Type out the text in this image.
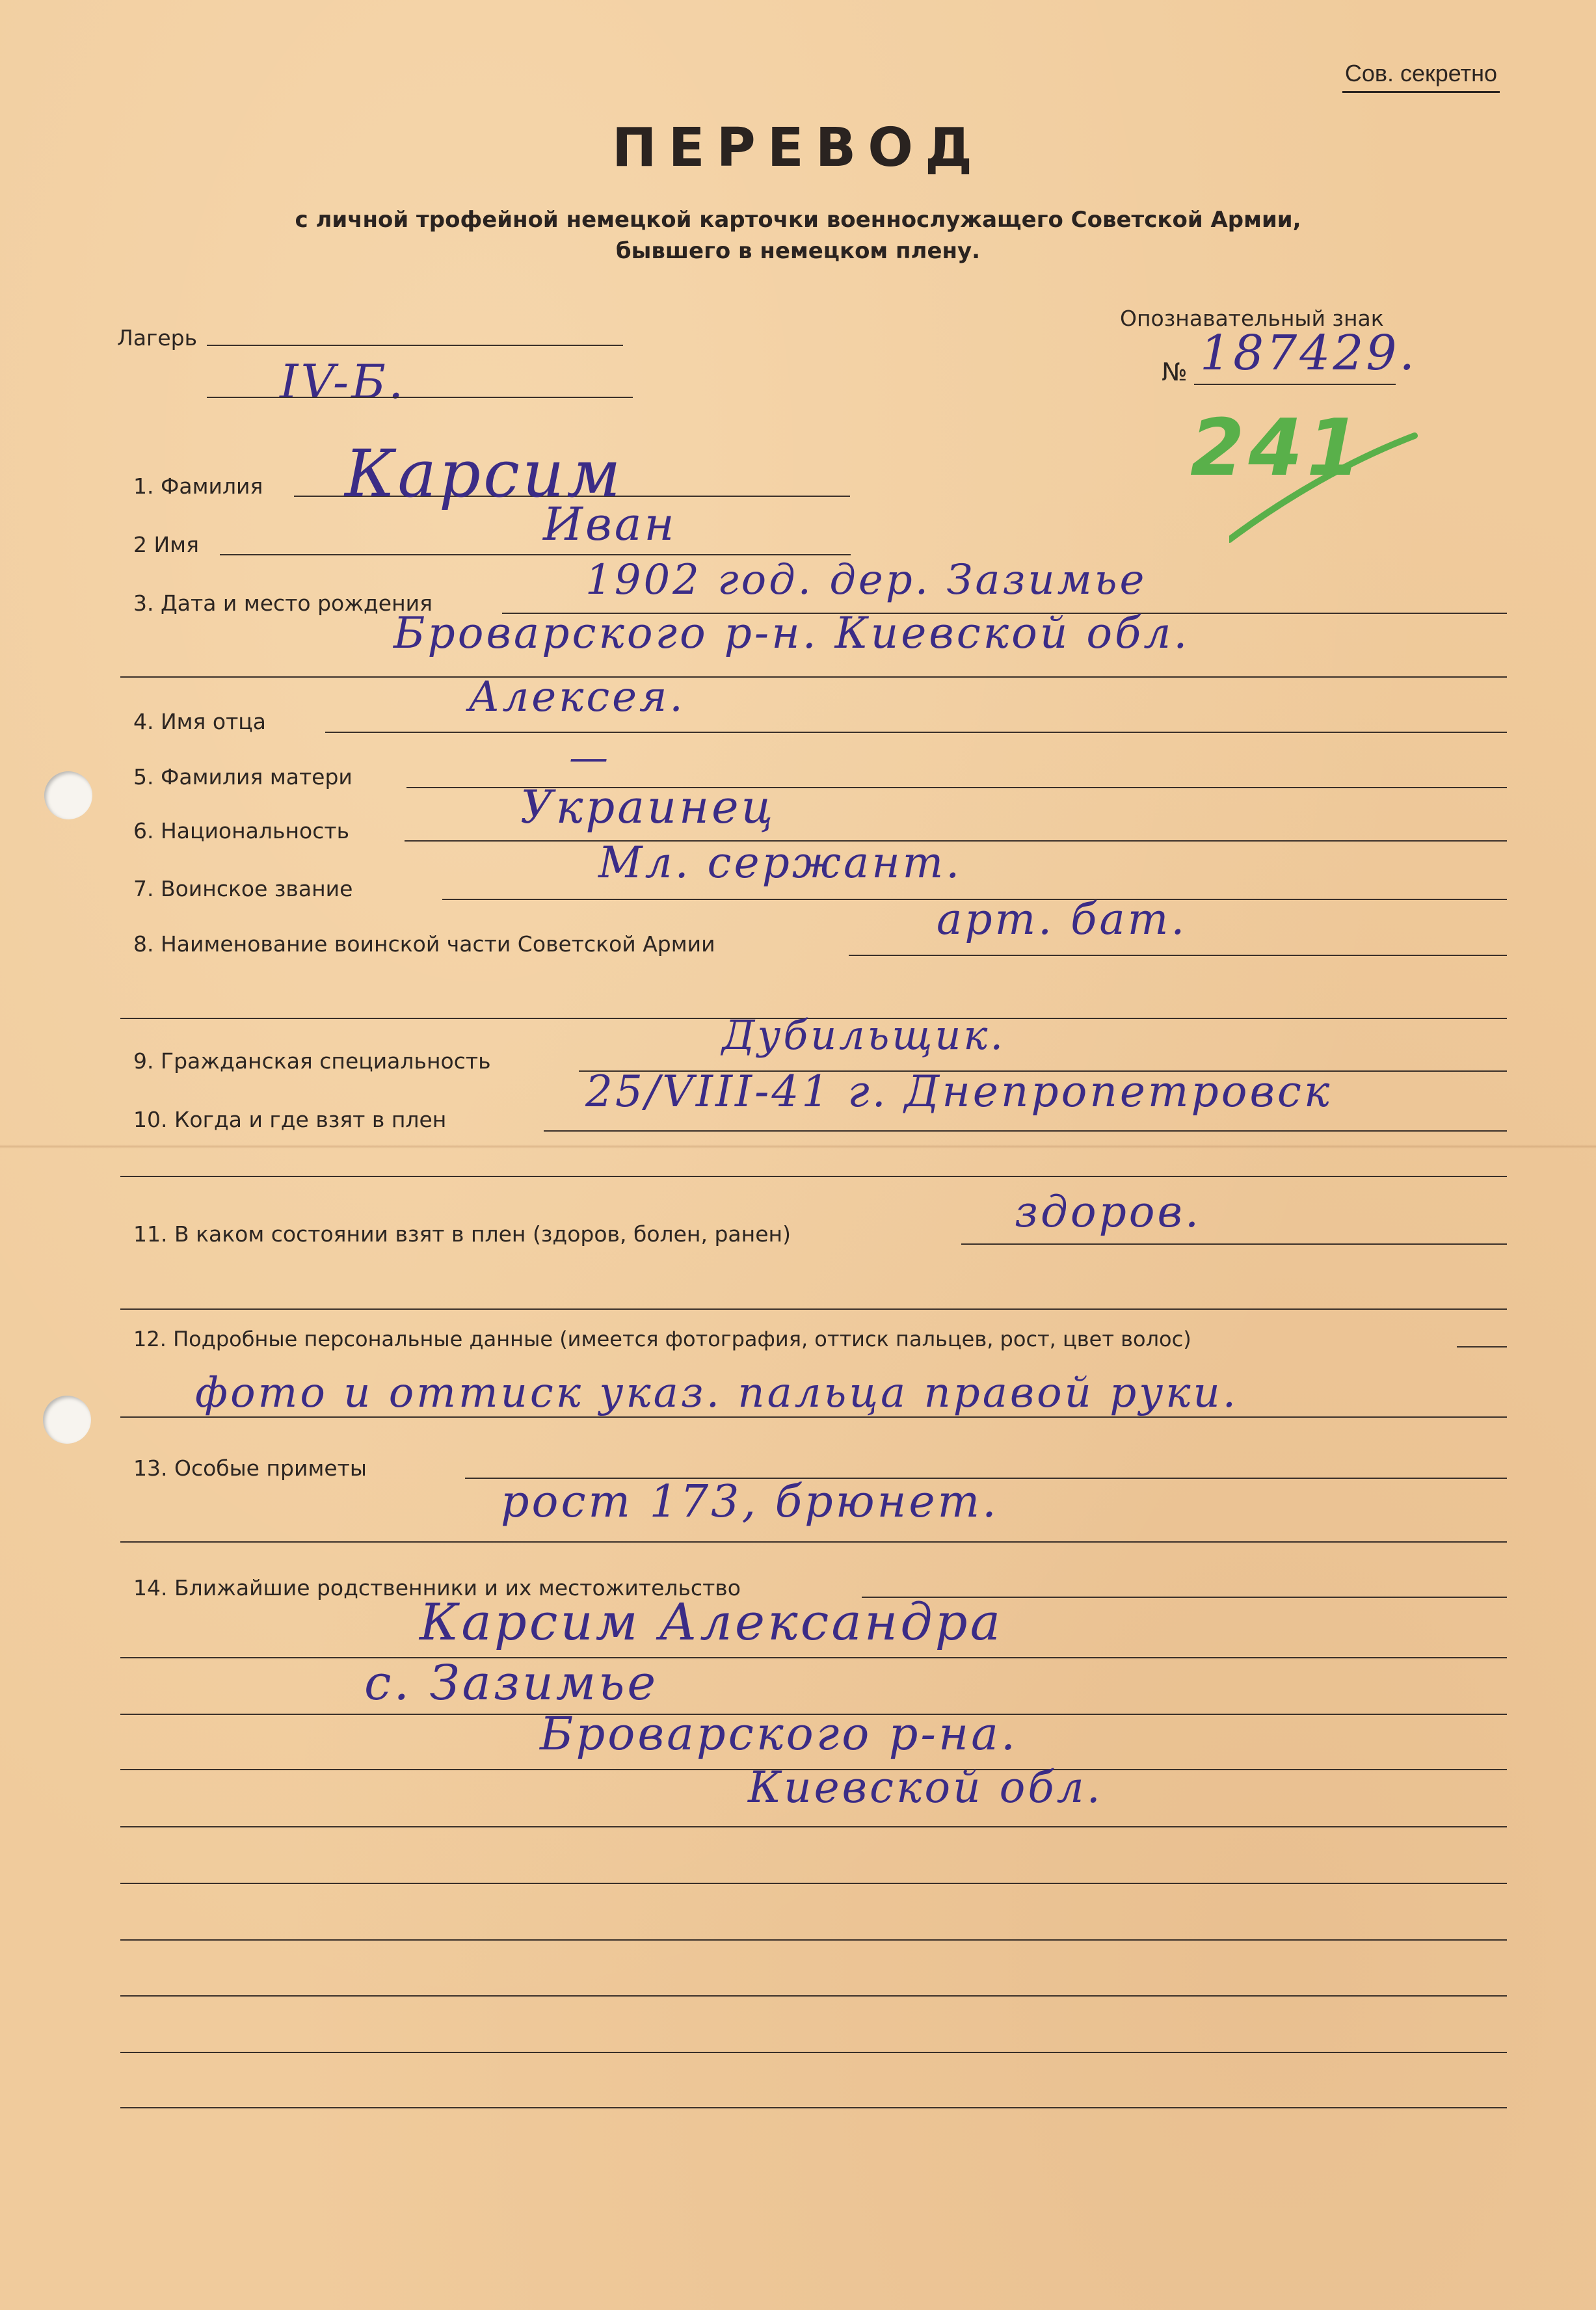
Сов. секретно
ПЕРЕВОД
с личной трофейной немецкой карточки военнослужащего Советской Армии,
бывшего в немецком плену.
Лагерь
IV-Б.
Опознавательный знак
№ 187429.
241
1. Фамилия Карсим
2 Имя	Иван
3. Дата и место рождения	1902 год. дер. Зазимье
Броварского р-н. Киевской обл.
4. Имя отца
Алексея.
5. Фамилия матери	—
6. Национальность	Украинец
7. Воинское звание
Мл. сержант.
8. Наименование воинской части Советской Армии	арт. бат.
9. Гражданская специальность
Дубильщик.
10. Когда и где взят в плен
25/VIII-41 г. Днепропетровск
11. В каком состоянии взят в плен (здоров, болен, ранен)	здоров.
12. Подробные персональные данные (имеется фотография, оттиск пальцев, рост, цвет волос)
фото и оттиск указ. пальца правой руки.
13. Особые приметы
рост 173, брюнет.
14. Ближайшие родственники и их местожительство
Карсим Александра
с. Зазимье
Броварского р-на.
Киевской обл.
